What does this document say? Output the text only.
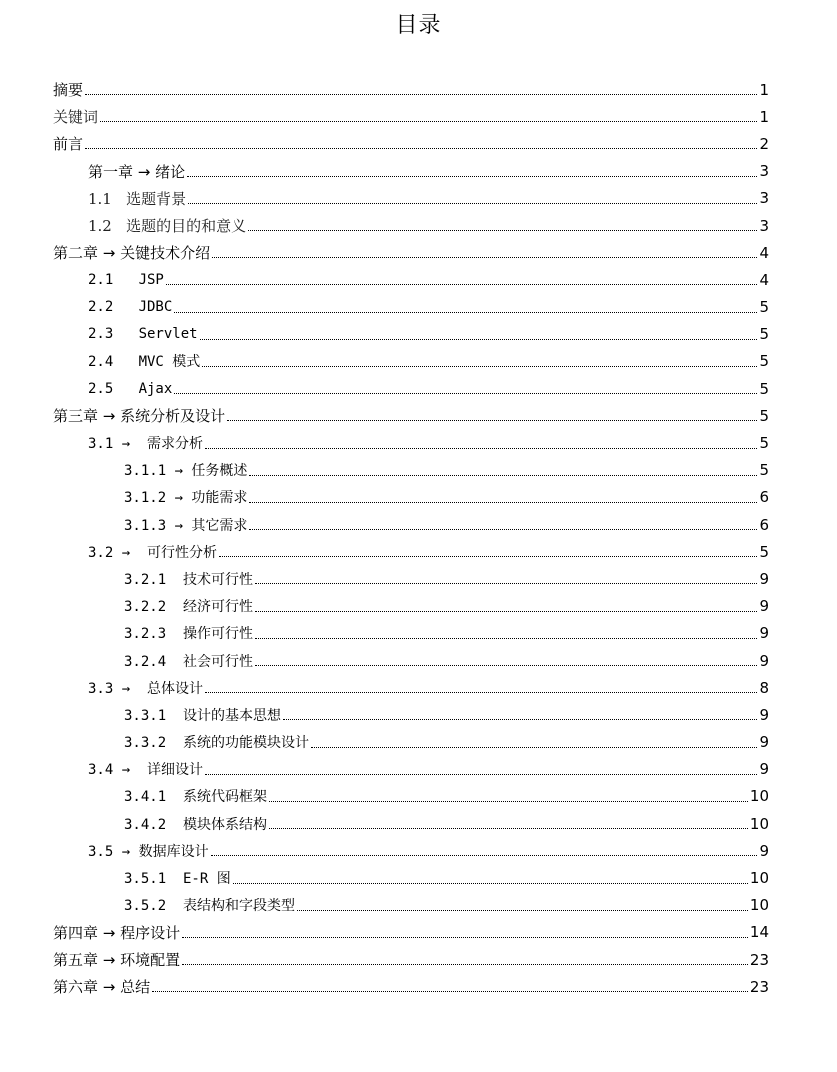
目录
摘要	1
关键词	1
前言	2
第一章 → 绪论	3
1.1   选题背景	3
1.2   选题的目的和意义	3
第二章 → 关键技术介绍	4
2.1   JSP	4
2.2   JDBC	5
2.3   Servlet	5
2.4   MVC 模式	5
2.5   Ajax	5
第三章 → 系统分析及设计	5
3.1 →  需求分析	5
3.1.1 → 任务概述	5
3.1.2 → 功能需求	6
3.1.3 → 其它需求	6
3.2 →  可行性分析	5
3.2.1  技术可行性	9
3.2.2  经济可行性	9
3.2.3  操作可行性	9
3.2.4  社会可行性	9
3.3 →  总体设计	8
3.3.1  设计的基本思想	9
3.3.2  系统的功能模块设计	9
3.4 →  详细设计	9
3.4.1  系统代码框架	10
3.4.2  模块体系结构	10
3.5 → 数据库设计	9
3.5.1  E-R 图	10
3.5.2  表结构和字段类型	10
第四章 → 程序设计	14
第五章 → 环境配置	23
第六章 → 总结	23
